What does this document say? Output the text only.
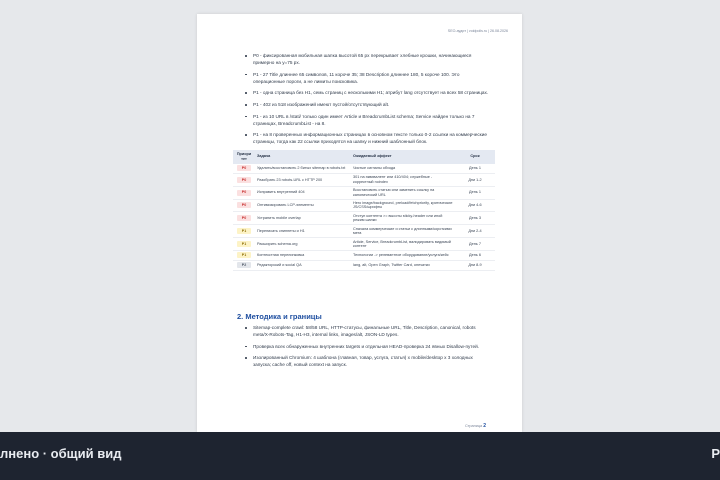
SEO-аудит | voidpolis.ru | 26.08.2026
P0 - фиксированная мобильная шапка высотой 65 px перекрывает хлебные крошки, начинающиеся примерно на y=75 px.
P1 - 27 Title длиннее 65 символов, 11 короче 35; 38 Description длиннее 180, 5 короче 100. Это операционные пороги, а не лимиты поисковика.
P1 - одна страница без H1, семь страниц с несколькими H1; атрибут lang отсутствует на всех 58 страницах.
P1 - 402 из 518 изображений имеют пустой/отсутствующий alt.
P1 - из 10 URL в /stati/ только один имеет Article и BreadcrumbList schema; Service найден только на 7 страницах, BreadcrumbList - на 8.
P1 - на 8 проверенных информационных страницах в основном тексте только 0-2 ссылки на коммерческие страницы, тогда как 22 ссылки приходятся на шапку и нижний шаблонный блок.
Приори тет	Задача	Ожидаемый эффект	Срок
P0	Удалить/восстановить 2 битых sitemap в robots.txt	Чистые сигналы обхода	День 1
P0	Разобрать 23 robots-URL с HTTP 200	301 на эквивалент или 410/404; служебные - корректный noindex	Дни 1-2
P0	Исправить внутренний 404	Восстановить статью или заменить ссылку на канонический URL	День 1
P0	Оптимизировать LCP-элементы	Hero image/background, preload/fetchpriority, критические JS/CSS/шрифты	Дни 4-6
P0	Устранить mobile overlap	Отступ контента >= высоты sticky-header или иной режим шапки	День 3
P1	Переписать сниппеты и H1	Сначала коммерческие и статьи с длинными/короткими мета	Дни 2-4
P1	Расширить schema.org	Article, Service, BreadcrumbList, валидировать видимый контент	День 7
P1	Контекстная перелинковка	Технологии -> релевантное оборудование/услуга/кейс	День 6
P2	Редакторский и social QA	lang, alt, Open Graph, Twitter Card, опечатки	Дни 8-9
2. Методика и границы
Sitemap-complete crawl: 58/58 URL, HTTP-статусы, финальные URL, Title, Description, canonical, robots meta/X-Robots-Tag, H1-H3, internal links, images/alt, JSON-LD types.
Проверка всех обнаруженных внутренних targets и отдельная HEAD-проверка 24 явных Disallow-путей.
Изолированный Chromium: 4 шаблона (главная, товар, услуга, статья) x mobile/desktop x 3 холодных запуска; cache off, новый context на запуск.
Страница 2
лнено · общий вид	P
